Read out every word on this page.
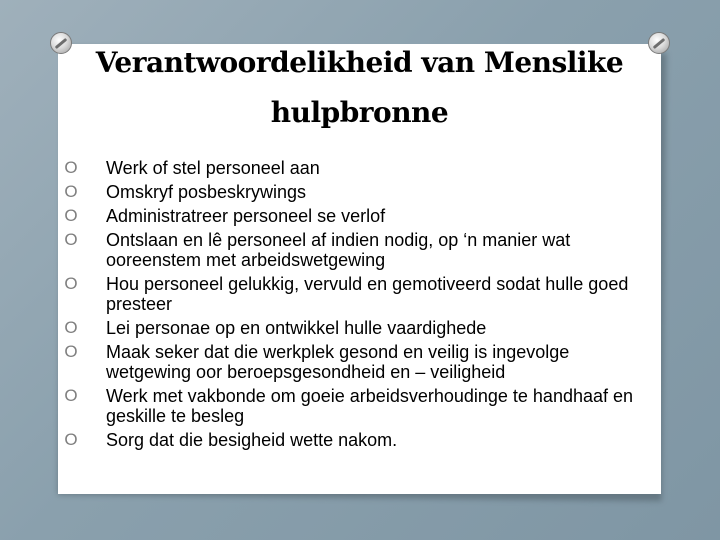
Verantwoordelikheid van Menslike hulpbronne
O Werk of stel personeel aan
O Omskryf posbeskrywings
O Administratreer personeel se verlof
O Ontslaan en lê personeel af indien nodig, op ‘n manier wat ooreenstem met arbeidswetgewing
O Hou personeel gelukkig, vervuld en gemotiveerd sodat hulle goed presteer
O Lei personae op en ontwikkel hulle vaardighede
O Maak seker dat die werkplek gesond en veilig is ingevolge wetgewing oor beroepsgesondheid en – veiligheid
O Werk met vakbonde om goeie arbeidsverhoudinge te handhaaf en geskille te besleg
O Sorg dat die besigheid wette nakom.
